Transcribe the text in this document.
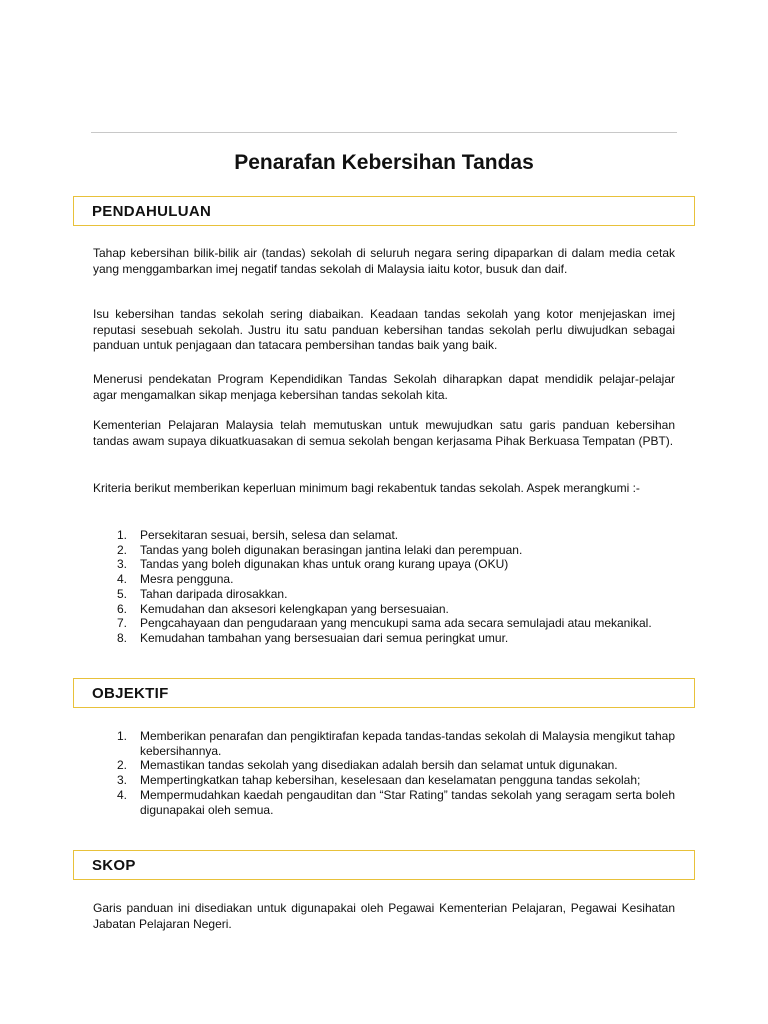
Penarafan Kebersihan Tandas
PENDAHULUAN

Tahap kebersihan bilik-bilik air (tandas) sekolah di seluruh negara sering dipaparkan di dalam media cetak yang menggambarkan imej negatif tandas sekolah di Malaysia iaitu kotor, busuk dan daif.

Isu kebersihan tandas sekolah sering diabaikan. Keadaan tandas sekolah yang kotor menjejaskan imej reputasi sesebuah sekolah. Justru itu satu panduan kebersihan tandas sekolah perlu diwujudkan sebagai panduan untuk penjagaan dan tatacara pembersihan tandas baik yang baik.

Menerusi pendekatan Program Kependidikan Tandas Sekolah diharapkan dapat mendidik pelajar-pelajar agar mengamalkan sikap menjaga kebersihan tandas sekolah kita.

Kementerian Pelajaran Malaysia telah memutuskan untuk mewujudkan satu garis panduan kebersihan tandas awam supaya dikuatkuasakan di semua sekolah bengan kerjasama Pihak Berkuasa Tempatan (PBT).

Kriteria berikut memberikan keperluan minimum bagi rekabentuk tandas sekolah. Aspek merangkumi :-

1. Persekitaran sesuai, bersih, selesa dan selamat.
2. Tandas yang boleh digunakan berasingan jantina lelaki dan perempuan.
3. Tandas yang boleh digunakan khas untuk orang kurang upaya (OKU)
4. Mesra pengguna.
5. Tahan daripada dirosakkan.
6. Kemudahan dan aksesori kelengkapan yang bersesuaian.
7. Pengcahayaan dan pengudaraan yang mencukupi sama ada secara semulajadi atau mekanikal.
8. Kemudahan tambahan yang bersesuaian dari semua peringkat umur.
OBJEKTIF
1. Memberikan penarafan dan pengiktirafan kepada tandas-tandas sekolah di Malaysia mengikut tahap kebersihannya.
2. Memastikan tandas sekolah yang disediakan adalah bersih dan selamat untuk digunakan.
3. Mempertingkatkan tahap kebersihan, keselesaan dan keselamatan pengguna tandas sekolah;
4. Mempermudahkan kaedah pengauditan dan “Star Rating” tandas sekolah yang seragam serta boleh digunapakai oleh semua.
SKOP

Garis panduan ini disediakan untuk digunapakai oleh Pegawai Kementerian Pelajaran, Pegawai Kesihatan Jabatan Pelajaran Negeri.
